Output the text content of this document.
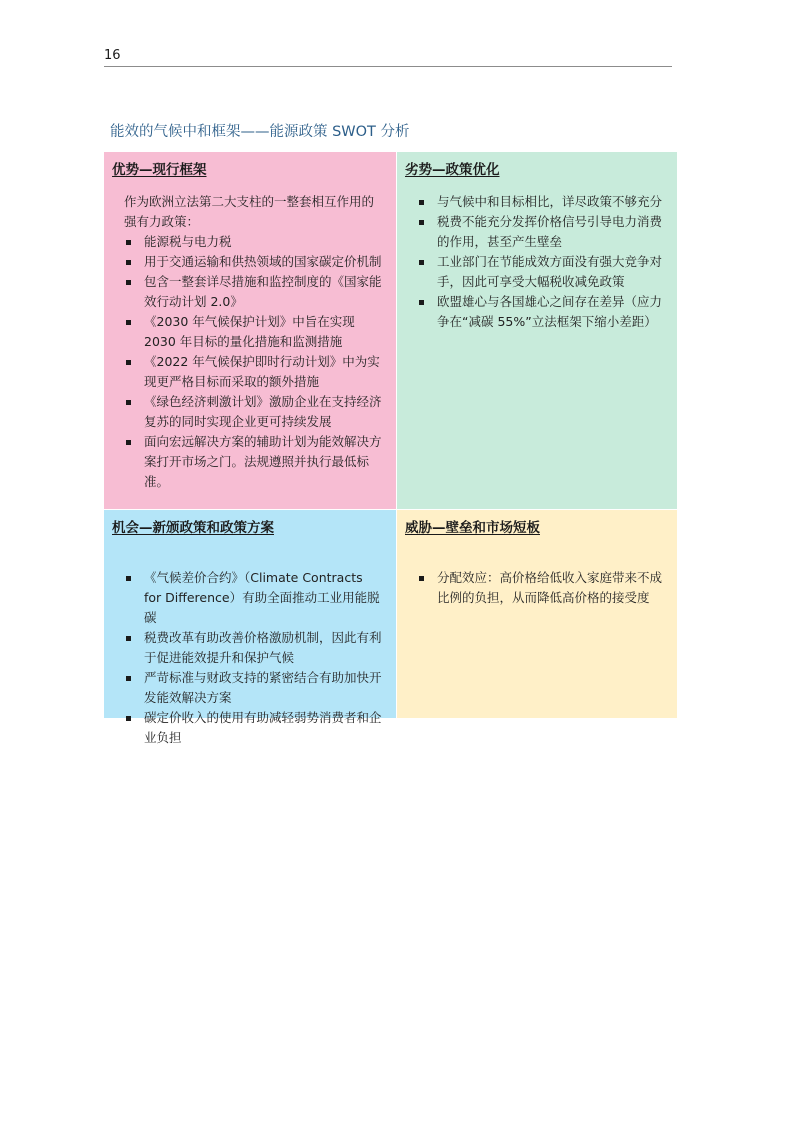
16
能效的气候中和框架——能源政策 SWOT 分析
优势—现行框架
作为欧洲立法第二大支柱的一整套相互作用的强有力政策：
能源税与电力税
用于交通运输和供热领域的国家碳定价机制
包含一整套详尽措施和监控制度的《国家能效行动计划 2.0》
《2030 年气候保护计划》中旨在实现2030 年目标的量化措施和监测措施
《2022 年气候保护即时行动计划》中为实现更严格目标而采取的额外措施
《绿色经济刺激计划》激励企业在支持经济复苏的同时实现企业更可持续发展
面向宏远解决方案的辅助计划为能效解决方案打开市场之门。法规遵照并执行最低标准。
劣势—政策优化
与气候中和目标相比，详尽政策不够充分
税费不能充分发挥价格信号引导电力消费的作用，甚至产生壁垒
工业部门在节能成效方面没有强大竞争对手，因此可享受大幅税收减免政策
欧盟雄心与各国雄心之间存在差异（应力争在“减碳 55%”立法框架下缩小差距）
机会—新颁政策和政策方案
《气候差价合约》（Climate Contracts for Difference）有助全面推动工业用能脱碳
税费改革有助改善价格激励机制，因此有利于促进能效提升和保护气候
严苛标准与财政支持的紧密结合有助加快开发能效解决方案
碳定价收入的使用有助减轻弱势消费者和企业负担
威胁—壁垒和市场短板
分配效应：高价格给低收入家庭带来不成比例的负担，从而降低高价格的接受度
